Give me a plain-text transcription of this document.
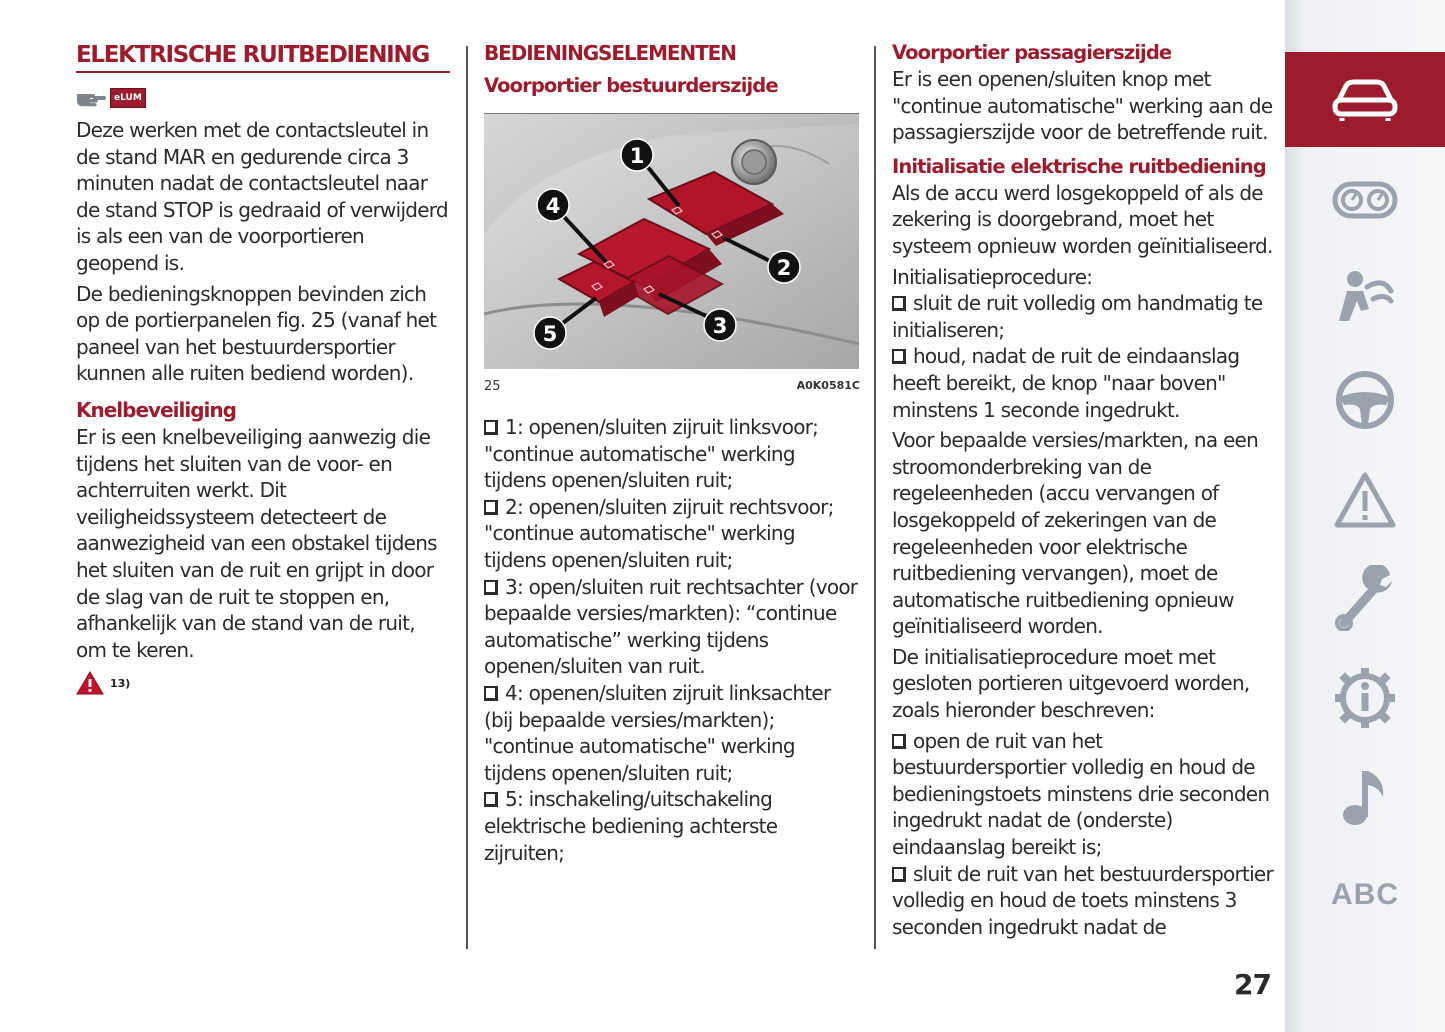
ELEKTRISCHE RUITBEDIENING
eLUM
Deze werken met de contactsleutel in de stand MAR en gedurende circa 3 minuten nadat de contactsleutel naar de stand STOP is gedraaid of verwijderd is als een van de voorportieren geopend is.
De bedieningsknoppen bevinden zich op de portierpanelen fig. 25 (vanaf het paneel van het bestuurdersportier kunnen alle ruiten bediend worden).
Knelbeveiliging
Er is een knelbeveiliging aanwezig die tijdens het sluiten van de voor- en achterruiten werkt. Dit veiligheidssysteem detecteert de aanwezigheid van een obstakel tijdens het sluiten van de ruit en grijpt in door de slag van de ruit te stoppen en, afhankelijk van de stand van de ruit, om te keren.
13)
BEDIENINGSELEMENTEN
Voorportier bestuurderszijde
1
2
3
4
5
25	A0K0581C
1: openen/sluiten zijruit linksvoor; "continue automatische" werking tijdens openen/sluiten ruit;
2: openen/sluiten zijruit rechtsvoor; "continue automatische" werking tijdens openen/sluiten ruit;
3: open/sluiten ruit rechtsachter (voor bepaalde versies/markten): “continue automatische” werking tijdens openen/sluiten van ruit.
4: openen/sluiten zijruit linksachter (bij bepaalde versies/markten); "continue automatische" werking tijdens openen/sluiten ruit;
5: inschakeling/uitschakeling elektrische bediening achterste zijruiten;
Voorportier passagierszijde
Er is een openen/sluiten knop met "continue automatische" werking aan de passagierszijde voor de betreffende ruit.
Initialisatie elektrische ruitbediening
Als de accu werd losgekoppeld of als de zekering is doorgebrand, moet het systeem opnieuw worden geïnitialiseerd.
Initialisatieprocedure:
sluit de ruit volledig om handmatig te initialiseren;
houd, nadat de ruit de eindaanslag heeft bereikt, de knop "naar boven" minstens 1 seconde ingedrukt.
Voor bepaalde versies/markten, na een stroomonderbreking van de regeleenheden (accu vervangen of losgekoppeld of zekeringen van de regeleenheden voor elektrische ruitbediening vervangen), moet de automatische ruitbediening opnieuw geïnitialiseerd worden.
De initialisatieprocedure moet met gesloten portieren uitgevoerd worden, zoals hieronder beschreven:
open de ruit van het bestuurdersportier volledig en houd de bedieningstoets minstens drie seconden ingedrukt nadat de (onderste) eindaanslag bereikt is;
sluit de ruit van het bestuurdersportier volledig en houd de toets minstens 3 seconden ingedrukt nadat de
27
ABC
